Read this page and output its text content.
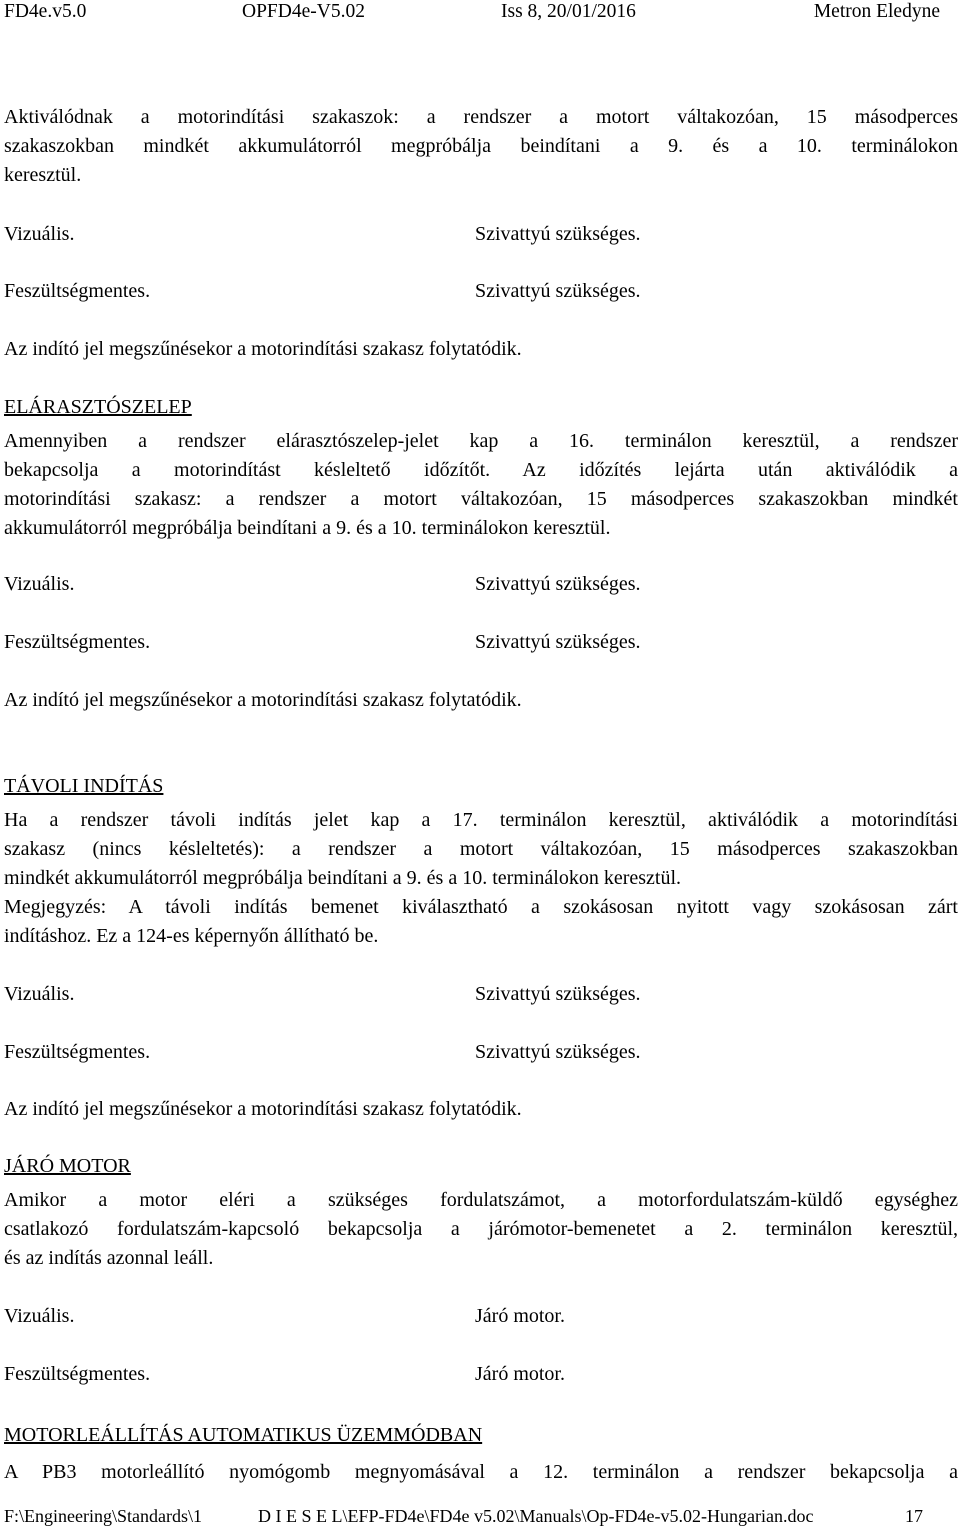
FD4e.v5.0	OPFD4e-V5.02	Iss 8, 20/01/2016	Metron Eledyne
Aktiválódnak a motorindítási szakaszok: a rendszer a motort váltakozóan, 15 másodperces
szakaszokban mindkét akkumulátorról megpróbálja beindítani a 9. és a 10. terminálokon
keresztül.
Vizuális.	Szivattyú szükséges.
Feszültségmentes.	Szivattyú szükséges.
Az indító jel megszűnésekor a motorindítási szakasz folytatódik.
ELÁRASZTÓSZELEP
Amennyiben a rendszer elárasztószelep-jelet kap a 16. terminálon keresztül, a rendszer
bekapcsolja a motorindítást késleltető időzítőt. Az időzítés lejárta után aktiválódik a
motorindítási szakasz: a rendszer a motort váltakozóan, 15 másodperces szakaszokban mindkét
akkumulátorról megpróbálja beindítani a 9. és a 10. terminálokon keresztül.
Vizuális.	Szivattyú szükséges.
Feszültségmentes.	Szivattyú szükséges.
Az indító jel megszűnésekor a motorindítási szakasz folytatódik.
TÁVOLI INDÍTÁS
Ha a rendszer távoli indítás jelet kap a 17. terminálon keresztül, aktiválódik a motorindítási
szakasz (nincs késleltetés): a rendszer a motort váltakozóan, 15 másodperces szakaszokban
mindkét akkumulátorról megpróbálja beindítani a 9. és a 10. terminálokon keresztül.
Megjegyzés: A távoli indítás bemenet kiválasztható a szokásosan nyitott vagy szokásosan zárt
indításhoz. Ez a 124-es képernyőn állítható be.
Vizuális.	Szivattyú szükséges.
Feszültségmentes.	Szivattyú szükséges.
Az indító jel megszűnésekor a motorindítási szakasz folytatódik.
JÁRÓ MOTOR
Amikor a motor eléri a szükséges fordulatszámot, a motorfordulatszám-küldő egységhez
csatlakozó fordulatszám-kapcsoló bekapcsolja a járómotor-bemenetet a 2. terminálon keresztül,
és az indítás azonnal leáll.
Vizuális.	Járó motor.
Feszültségmentes.	Járó motor.
MOTORLEÁLLÍTÁS AUTOMATIKUS ÜZEMMÓDBAN
A PB3 motorleállító nyomógomb megnyomásával a 12. terminálon a rendszer bekapcsolja a
F:\Engineering\Standards\1	D I E S E L\EFP-FD4e\FD4e v5.02\Manuals\Op-FD4e-v5.02-Hungarian.doc	17
